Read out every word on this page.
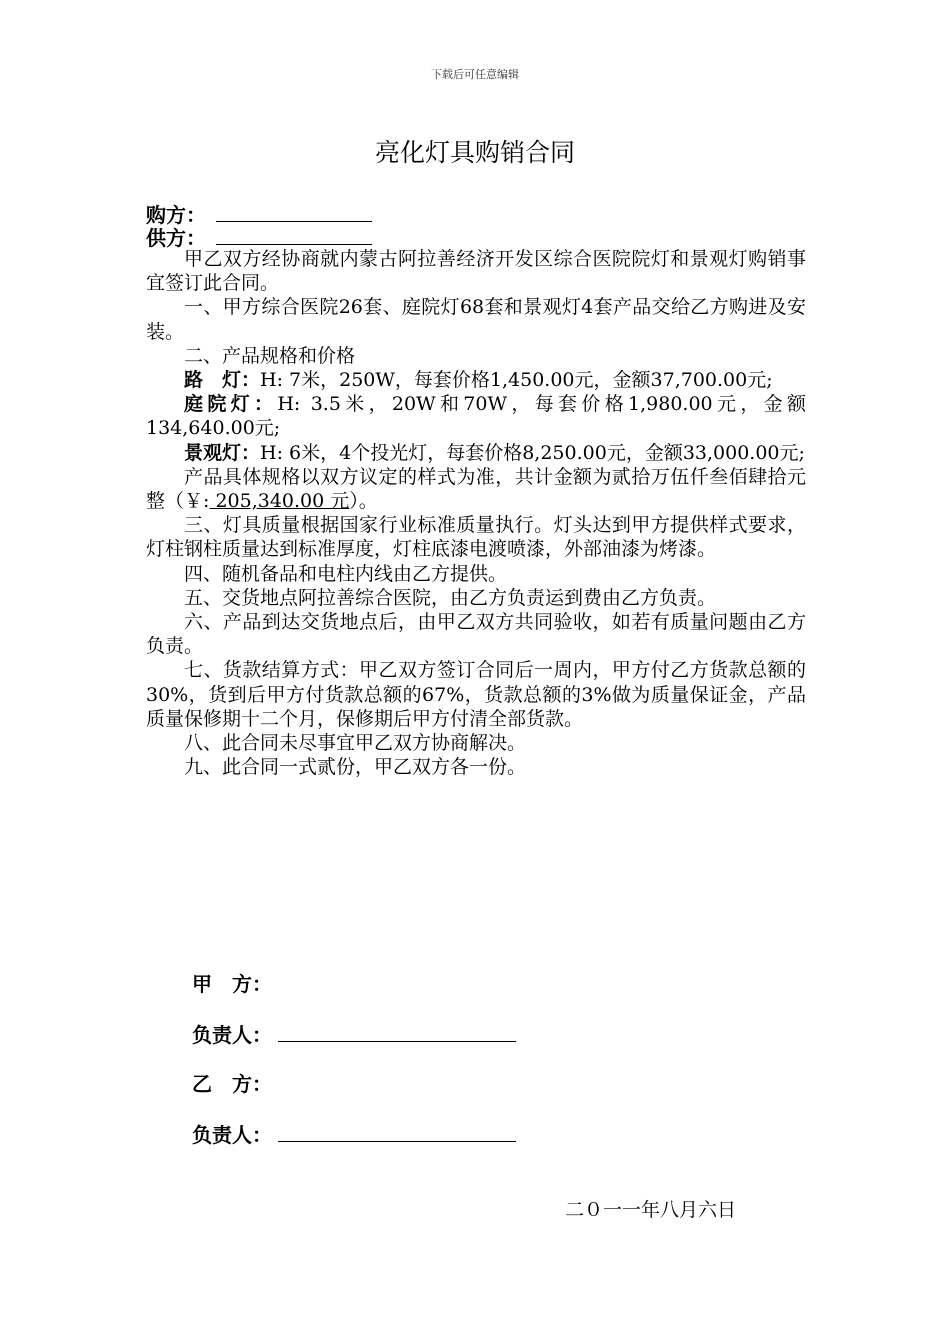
下载后可任意编辑
亮化灯具购销合同
购方：
供方：

甲乙双方经协商就内蒙古阿拉善经济开发区综合医院院灯和景观灯购销事宜签订此合同。

一、甲方综合医院26套、庭院灯68套和景观灯4套产品交给乙方购进及安装。

二、产品规格和价格

路　灯：H: 7米，250W，每套价格1,450.00元，金额37,700.00元;

庭院灯：H: 3.5米，20W和70W，每套价格1,980.00元，金额134,640.00元;

景观灯：H: 6米，4个投光灯，每套价格8,250.00元，金额33,000.00元;

产品具体规格以双方议定的样式为准，共计金额为贰拾万伍仟叁佰肆拾元整（￥: 205,340.00 元）。

三、灯具质量根据国家行业标准质量执行。灯头达到甲方提供样式要求，灯柱钢柱质量达到标准厚度，灯柱底漆电渡喷漆，外部油漆为烤漆。

四、随机备品和电柱内线由乙方提供。

五、交货地点阿拉善综合医院，由乙方负责运到费由乙方负责。

六、产品到达交货地点后，由甲乙双方共同验收，如若有质量问题由乙方负责。

七、货款结算方式：甲乙双方签订合同后一周内，甲方付乙方货款总额的30%，货到后甲方付货款总额的67%，货款总额的3%做为质量保证金，产品质量保修期十二个月，保修期后甲方付清全部货款。

八、此合同未尽事宜甲乙双方协商解决。

九、此合同一式贰份，甲乙双方各一份。

甲　方：
负责人：
乙　方：
负责人：
二０一一年八月六日
